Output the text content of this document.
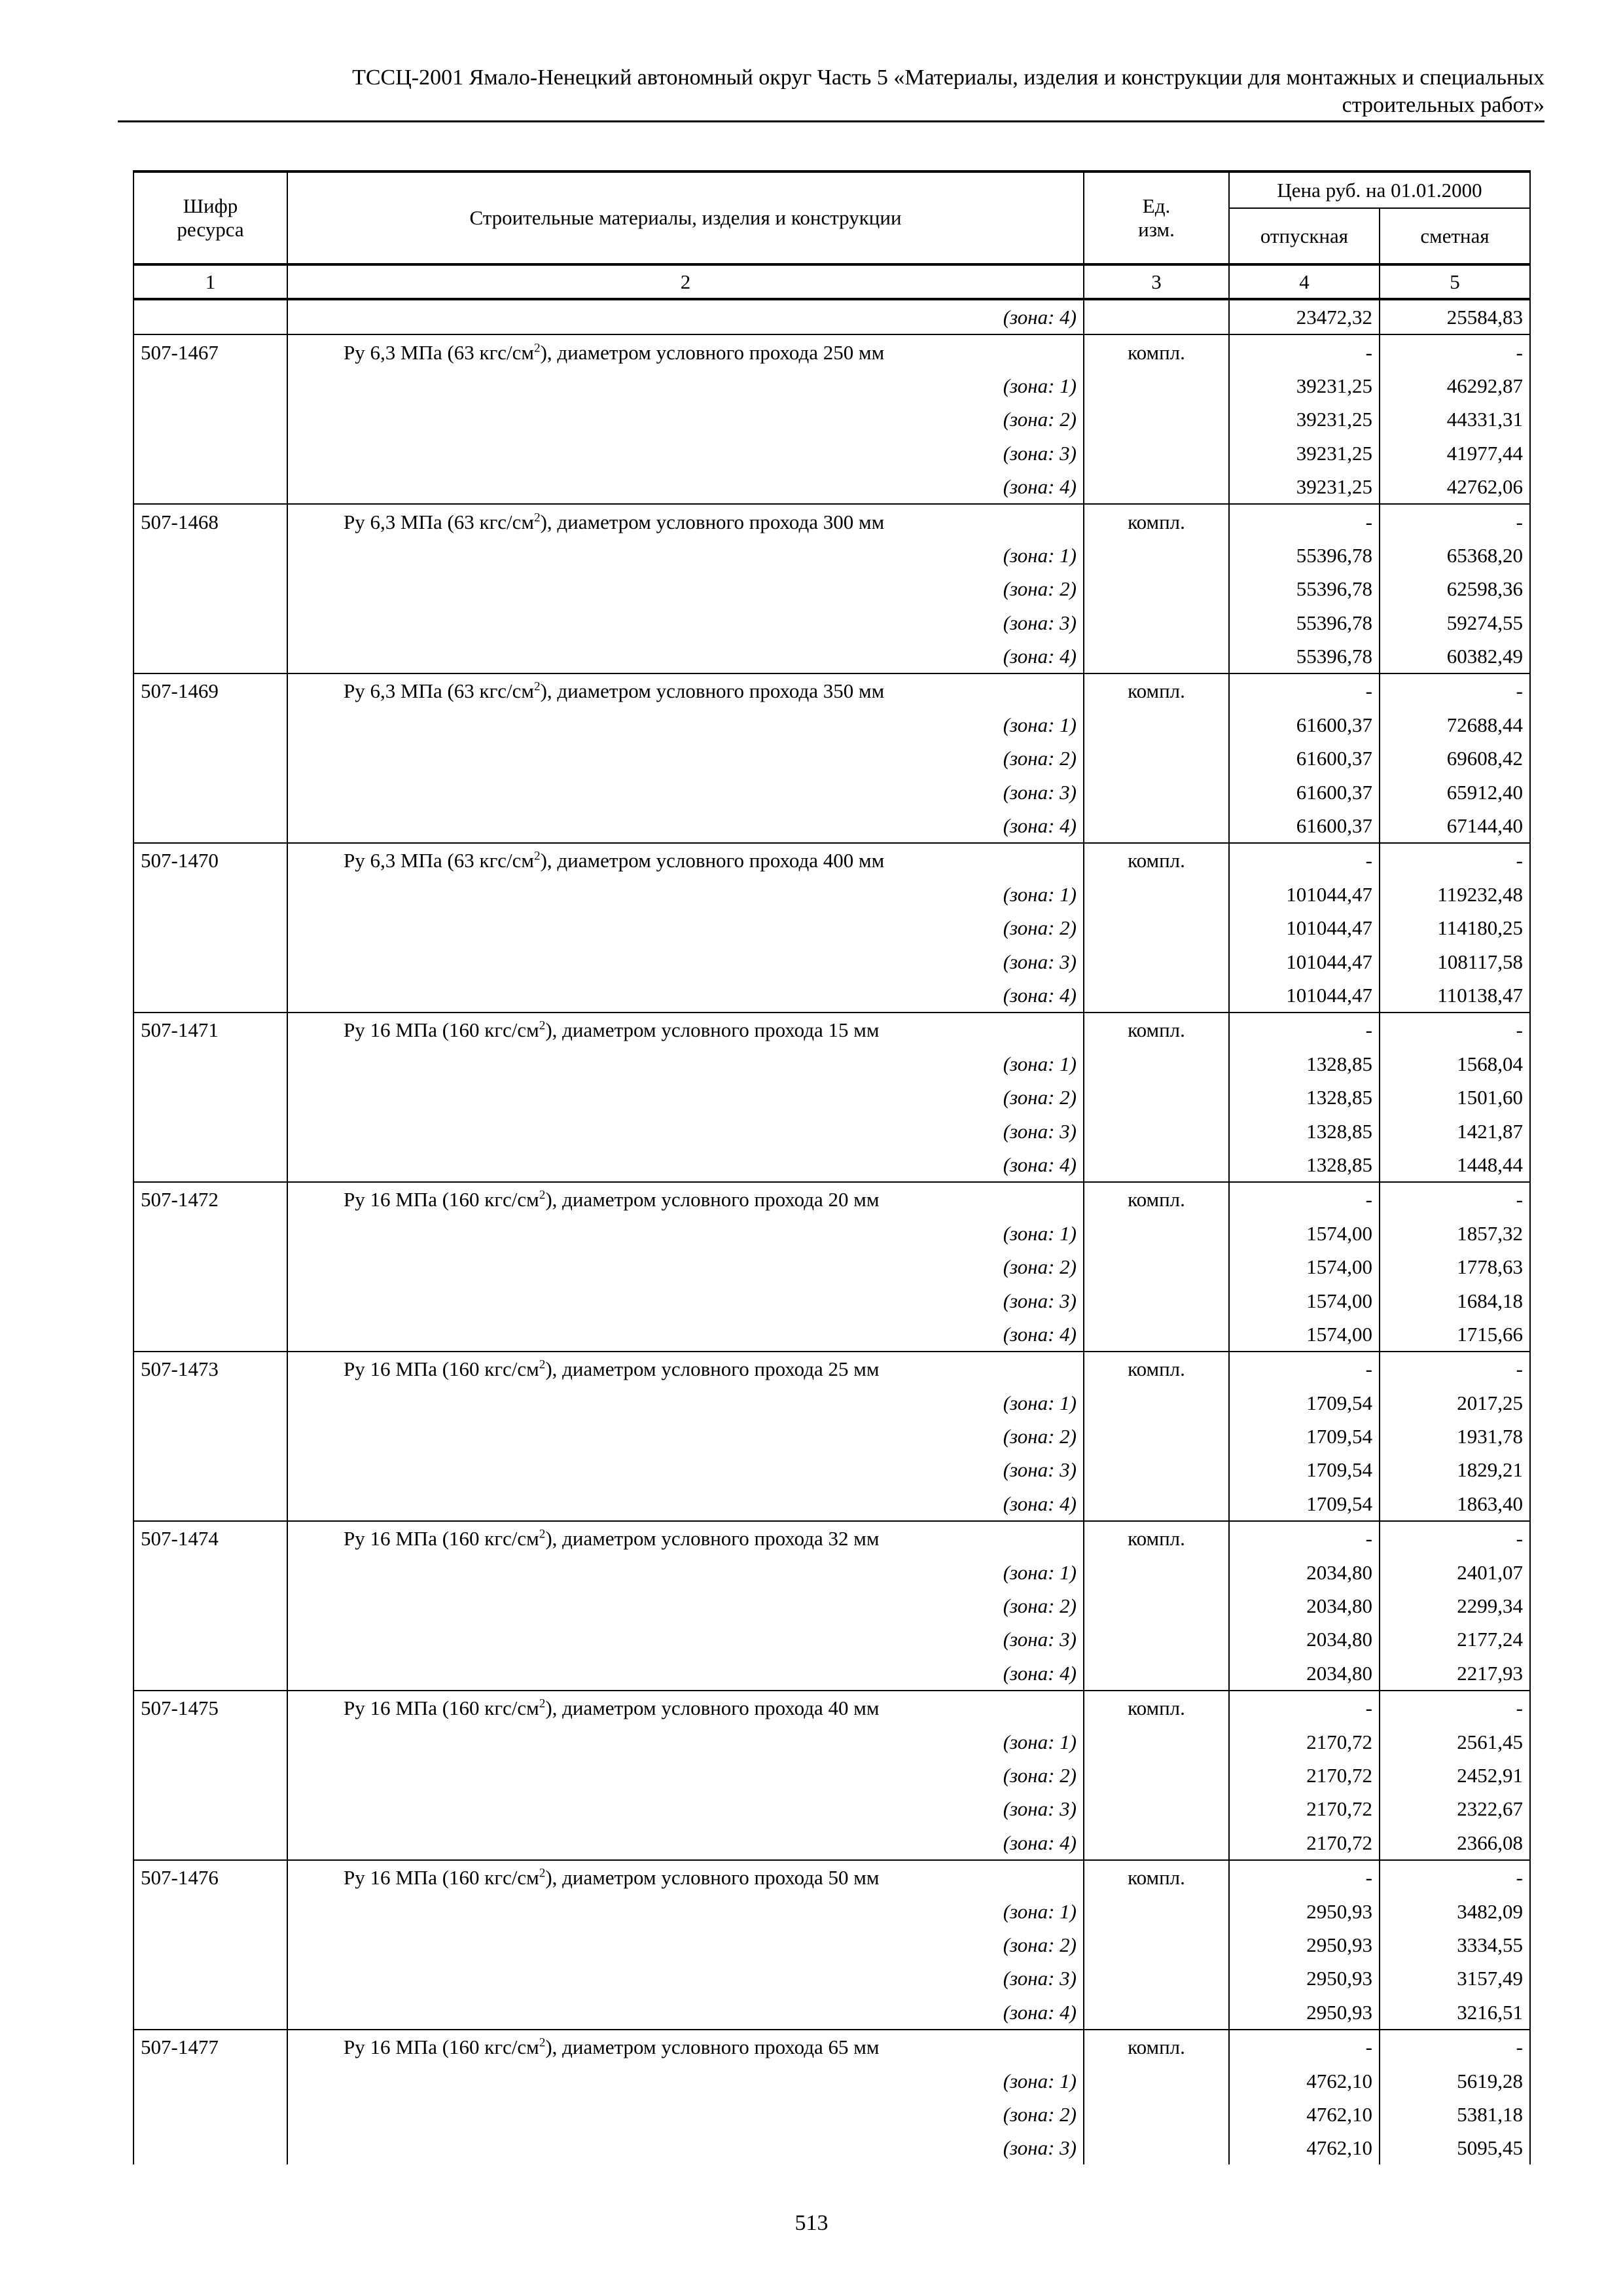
ТССЦ-2001 Ямало-Ненецкий автономный округ Часть 5 «Материалы, изделия и конструкции для монтажных и специальных
строительных работ»
Шифр ресурса	Строительные материалы, изделия и конструкции	Ед. изм.	Цена руб. на 01.01.2000	
			отпускная	сметная
1	2	3	4	5
	(зона: 4)		23472,32	25584,83
507-1467	Ру 6,3 МПа (63 кгс/$см^2$), диаметром условного прохода 250 мм	компл.	-	-
	(зона: 1)		39231,25	46292,87
	(зона: 2)		39231,25	44331,31
	(зона: 3)		39231,25	41977,44
	(зона: 4)		39231,25	42762,06
507-1468	Ру 6,3 МПа (63 кгс/$см^2$), диаметром условного прохода 300 мм	компл.	-	-
	(зона: 1)		55396,78	65368,20
	(зона: 2)		55396,78	62598,36
	(зона: 3)		55396,78	59274,55
	(зона: 4)		55396,78	60382,49
507-1469	Ру 6,3 МПа (63 кгс/$см^2$), диаметром условного прохода 350 мм	компл.	-	-
	(зона: 1)		61600,37	72688,44
	(зона: 2)		61600,37	69608,42
	(зона: 3)		61600,37	65912,40
	(зона: 4)		61600,37	67144,40
507-1470	Ру 6,3 МПа (63 кгс/$см^2$), диаметром условного прохода 400 мм	компл.	-	-
	(зона: 1)		101044,47	119232,48
	(зона: 2)		101044,47	114180,25
	(зона: 3)		101044,47	108117,58
	(зона: 4)		101044,47	110138,47
507-1471	Ру 16 МПа (160 кгс/$см^2$), диаметром условного прохода 15 мм	компл.	-	-
	(зона: 1)		1328,85	1568,04
	(зона: 2)		1328,85	1501,60
	(зона: 3)		1328,85	1421,87
	(зона: 4)		1328,85	1448,44
507-1472	Ру 16 МПа (160 кгс/$см^2$), диаметром условного прохода 20 мм	компл.	-	-
	(зона: 1)		1574,00	1857,32
	(зона: 2)		1574,00	1778,63
	(зона: 3)		1574,00	1684,18
	(зона: 4)		1574,00	1715,66
507-1473	Ру 16 МПа (160 кгс/$см^2$), диаметром условного прохода 25 мм	компл.	-	-
	(зона: 1)		1709,54	2017,25
	(зона: 2)		1709,54	1931,78
	(зона: 3)		1709,54	1829,21
	(зона: 4)		1709,54	1863,40
507-1474	Ру 16 МПа (160 кгс/$см^2$), диаметром условного прохода 32 мм	компл.	-	-
	(зона: 1)		2034,80	2401,07
	(зона: 2)		2034,80	2299,34
	(зона: 3)		2034,80	2177,24
	(зона: 4)		2034,80	2217,93
507-1475	Ру 16 МПа (160 кгс/$см^2$), диаметром условного прохода 40 мм	компл.	-	-
	(зона: 1)		2170,72	2561,45
	(зона: 2)		2170,72	2452,91
	(зона: 3)		2170,72	2322,67
	(зона: 4)		2170,72	2366,08
507-1476	Ру 16 МПа (160 кгс/$см^2$), диаметром условного прохода 50 мм	компл.	-	-
	(зона: 1)		2950,93	3482,09
	(зона: 2)		2950,93	3334,55
	(зона: 3)		2950,93	3157,49
	(зона: 4)		2950,93	3216,51
507-1477	Ру 16 МПа (160 кгс/$см^2$), диаметром условного прохода 65 мм	компл.	-	-
	(зона: 1)		4762,10	5619,28
	(зона: 2)		4762,10	5381,18
	(зона: 3)		4762,10	5095,45
513
